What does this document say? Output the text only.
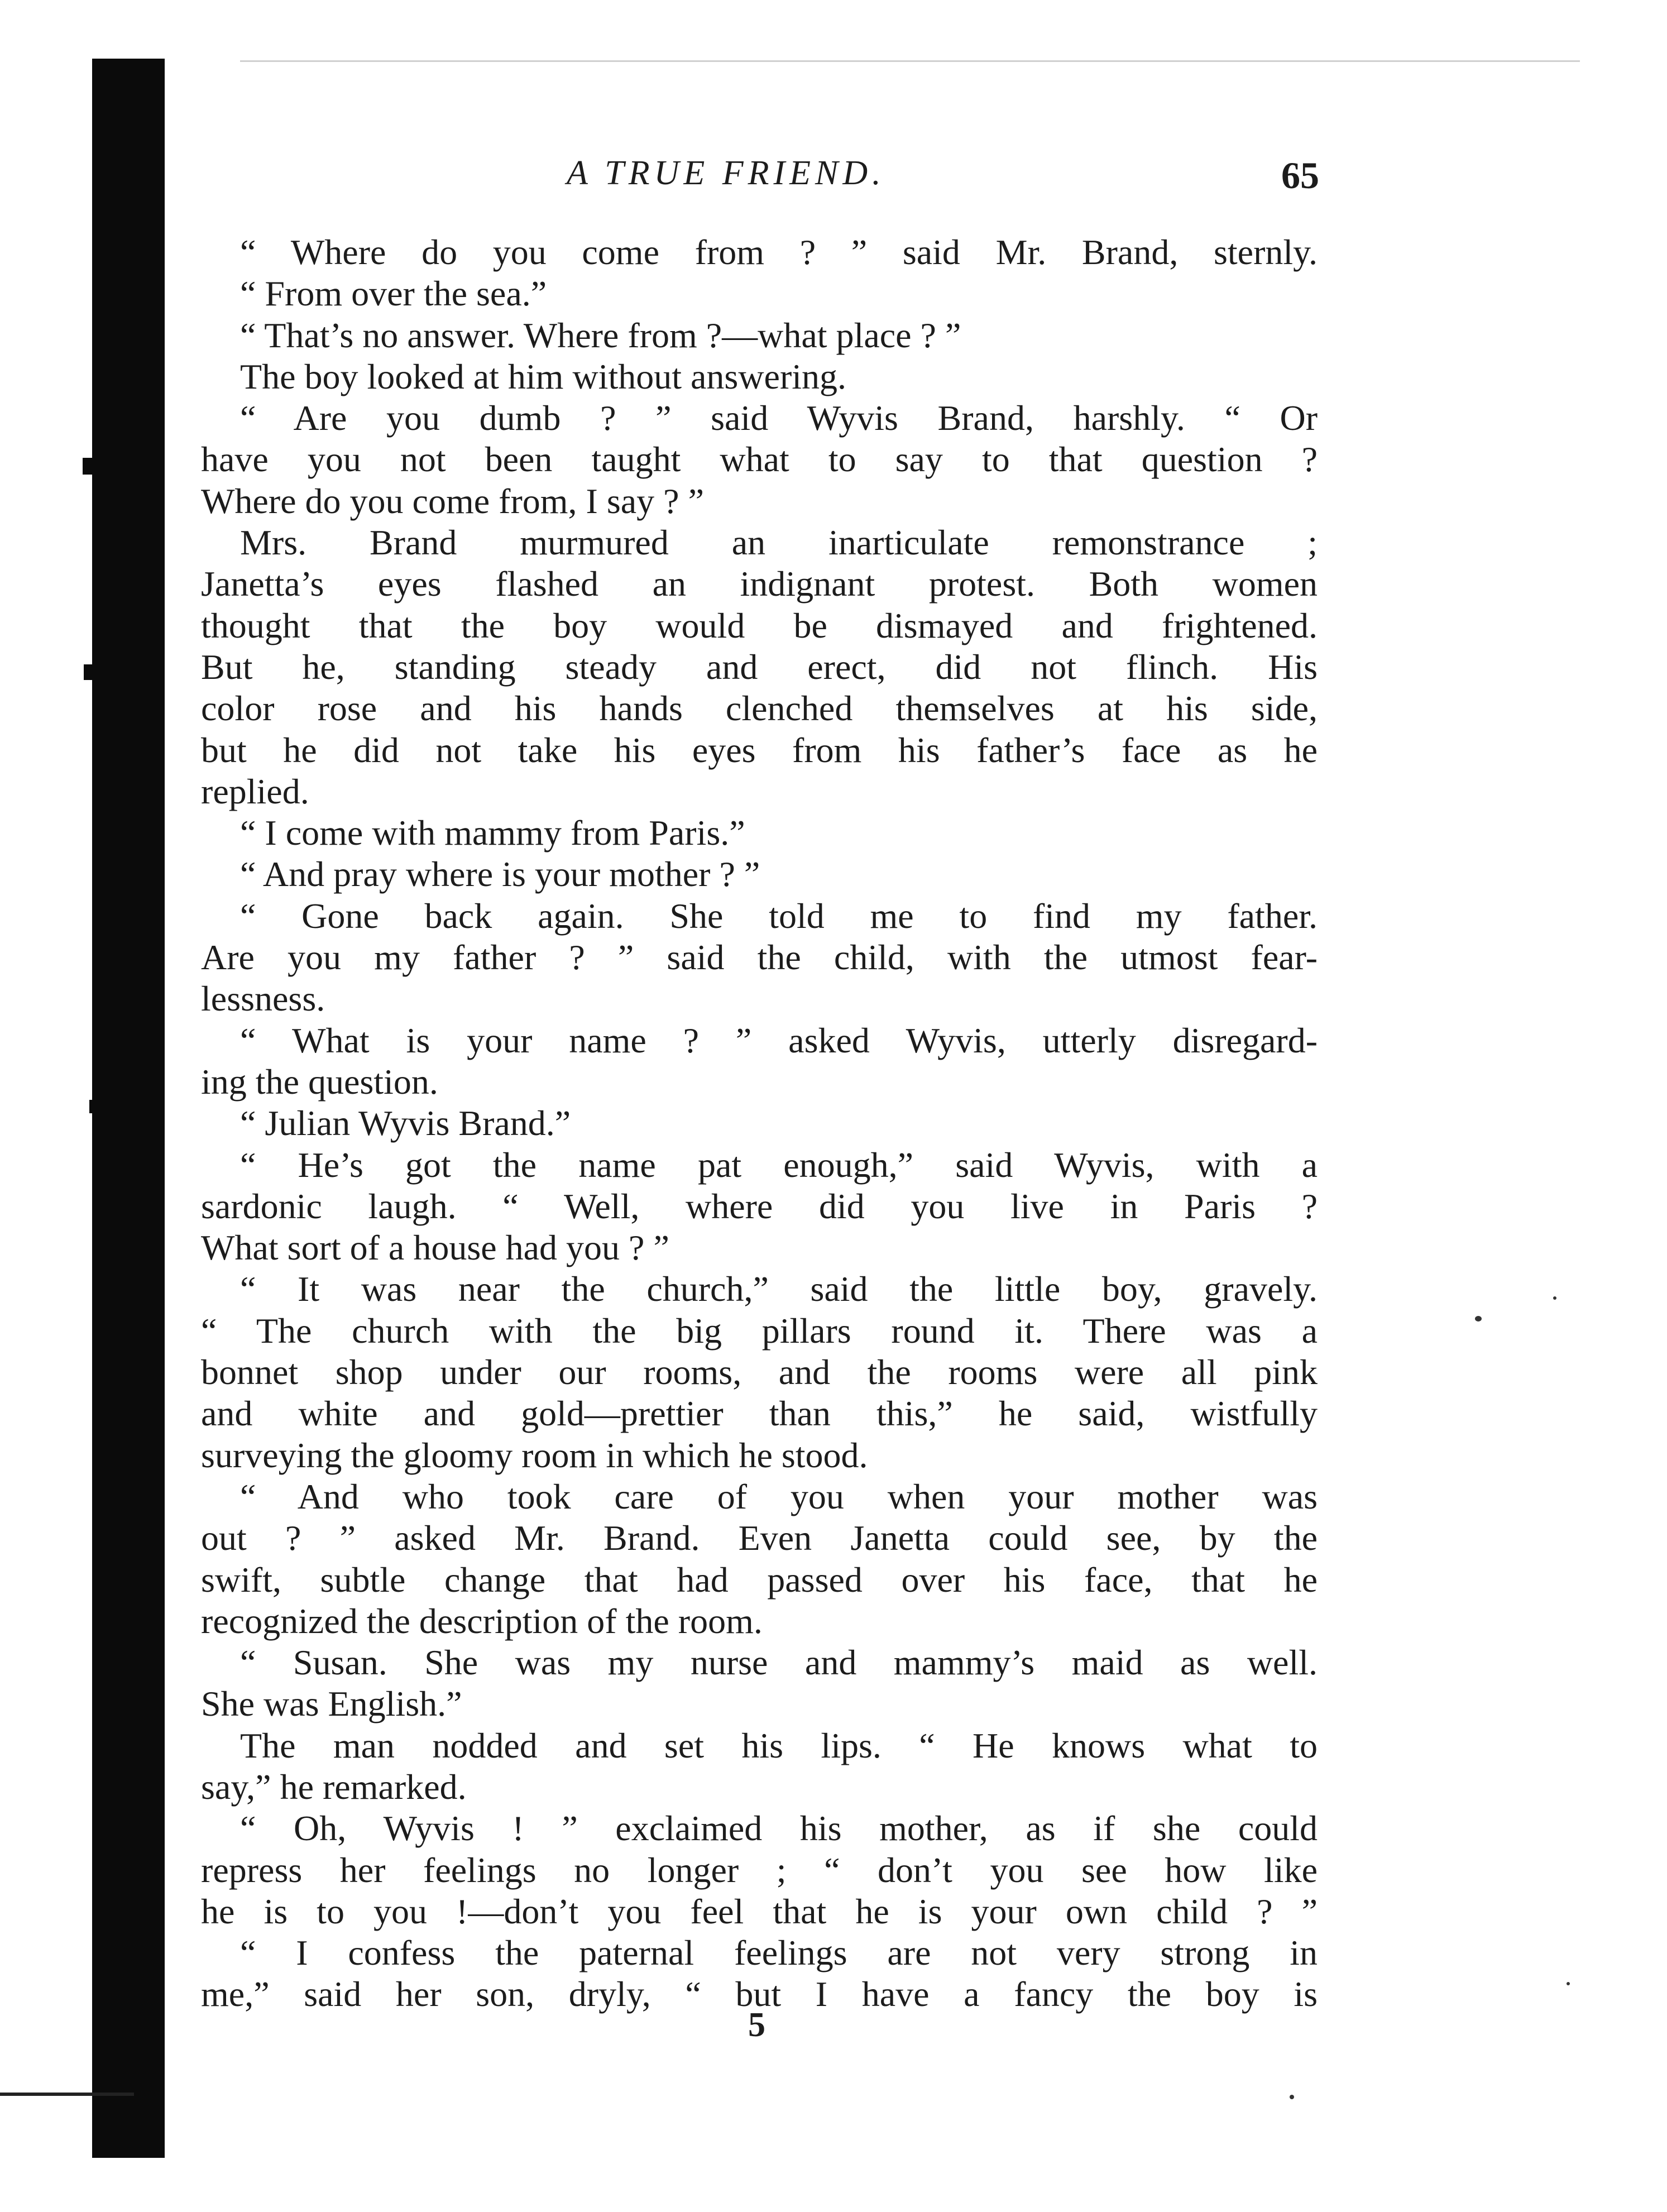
A TRUE FRIEND.	65
“ Where do you come from ? ” said Mr. Brand, sternly.
“ From over the sea.”
“ That’s no answer. Where from ?—what place ? ”
The boy looked at him without answering.
“ Are you dumb ? ” said Wyvis Brand, harshly. “ Or
have you not been taught what to say to that question ?
Where do you come from, I say ? ”
Mrs. Brand murmured an inarticulate remonstrance ;
Janetta’s eyes flashed an indignant protest. Both women
thought that the boy would be dismayed and frightened.
But he, standing steady and erect, did not flinch. His
color rose and his hands clenched themselves at his side,
but he did not take his eyes from his father’s face as he
replied.
“ I come with mammy from Paris.”
“ And pray where is your mother ? ”
“ Gone back again. She told me to find my father.
Are you my father ? ” said the child, with the utmost fear-
lessness.
“ What is your name ? ” asked Wyvis, utterly disregard-
ing the question.
“ Julian Wyvis Brand.”
“ He’s got the name pat enough,” said Wyvis, with a
sardonic laugh. “ Well, where did you live in Paris ?
What sort of a house had you ? ”
“ It was near the church,” said the little boy, gravely.
“ The church with the big pillars round it. There was a
bonnet shop under our rooms, and the rooms were all pink
and white and gold—prettier than this,” he said, wistfully
surveying the gloomy room in which he stood.
“ And who took care of you when your mother was
out ? ” asked Mr. Brand. Even Janetta could see, by the
swift, subtle change that had passed over his face, that he
recognized the description of the room.
“ Susan. She was my nurse and mammy’s maid as well.
She was English.”
The man nodded and set his lips. “ He knows what to
say,” he remarked.
“ Oh, Wyvis ! ” exclaimed his mother, as if she could
repress her feelings no longer ; “ don’t you see how like
he is to you !—don’t you feel that he is your own child ? ”
“ I confess the paternal feelings are not very strong in
me,” said her son, dryly, “ but I have a fancy the boy is
5
